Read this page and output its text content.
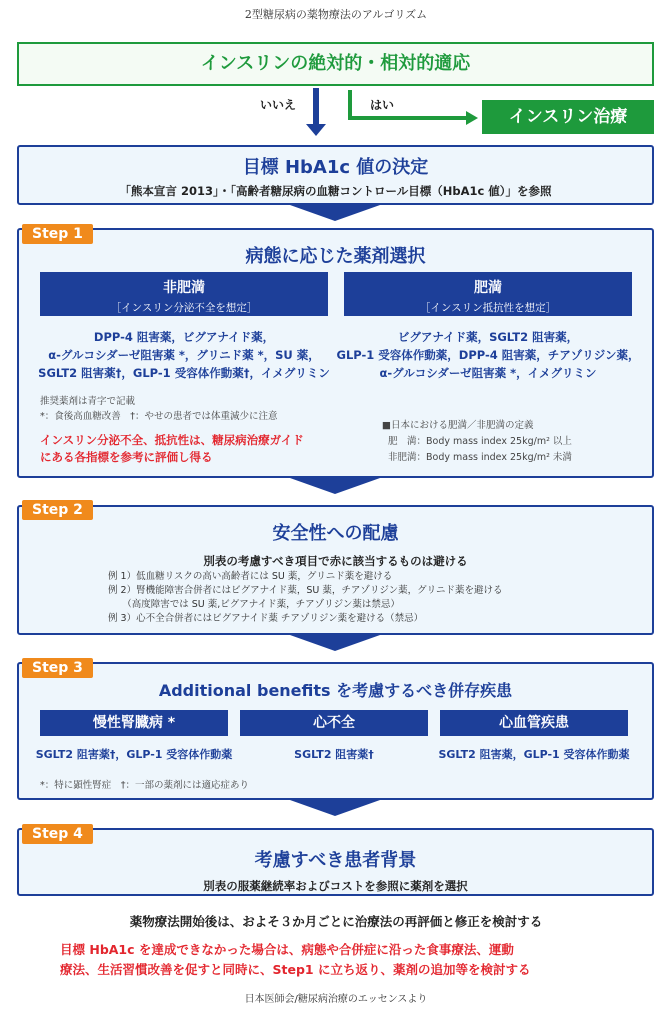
2型糖尿病の薬物療法のアルゴリズム
インスリンの絶対的・相対的適応
いいえ	はい
インスリン治療
目標 HbA1c 値の決定
「熊本宣言 2013」・「高齢者糖尿病の血糖コントロール目標（HbA1c 値）」を参照
病態に応じた薬剤選択
Step 1
非肥満
［インスリン分泌不全を想定］
肥満
［インスリン抵抗性を想定］
DPP-4 阻害薬，ビグアナイド薬，
α-グルコシダーゼ阻害薬 *，グリニド薬 *，SU 薬，
SGLT2 阻害薬†，GLP-1 受容体作動薬†，イメグリミン
ビグアナイド薬，SGLT2 阻害薬，
GLP-1 受容体作動薬，DPP-4 阻害薬，チアゾリジン薬，
α-グルコシダーゼ阻害薬 *，イメグリミン
推奨薬剤は青字で記載
*：食後高血糖改善　†：やせの患者では体重減少に注意
インスリン分泌不全、抵抗性は、糖尿病治療ガイド
にある各指標を参考に評価し得る
■日本における肥満／非肥満の定義
肥　満：Body mass index 25kg/m² 以上
非肥満：Body mass index 25kg/m² 未満
安全性への配慮
別表の考慮すべき項目で赤に該当するものは避ける
Step 2
例 1）低血糖リスクの高い高齢者には SU 薬，グリニド薬を避ける
例 2）腎機能障害合併者にはビグアナイド薬，SU 薬，チアゾリジン薬，グリニド薬を避ける
　　（高度障害では SU 薬,ビグアナイド薬，チアゾリジン薬は禁忌）
例 3）心不全合併者にはビグアナイド薬 チアゾリジン薬を避ける（禁忌）
Additional benefits を考慮するべき併存疾患
Step 3
慢性腎臓病 *	心不全	心血管疾患
SGLT2 阻害薬†，GLP-1 受容体作動薬	SGLT2 阻害薬†	SGLT2 阻害薬，GLP-1 受容体作動薬
*：特に顕性腎症　†：一部の薬剤には適応症あり
考慮すべき患者背景
別表の服薬継続率およびコストを参照に薬剤を選択
Step 4
薬物療法開始後は、およそ３か月ごとに治療法の再評価と修正を検討する
目標 HbA1c を達成できなかった場合は、病態や合併症に沿った食事療法、運動
療法、生活習慣改善を促すと同時に、Step1 に立ち返り、薬剤の追加等を検討する
日本医師会/糖尿病治療のエッセンスより
